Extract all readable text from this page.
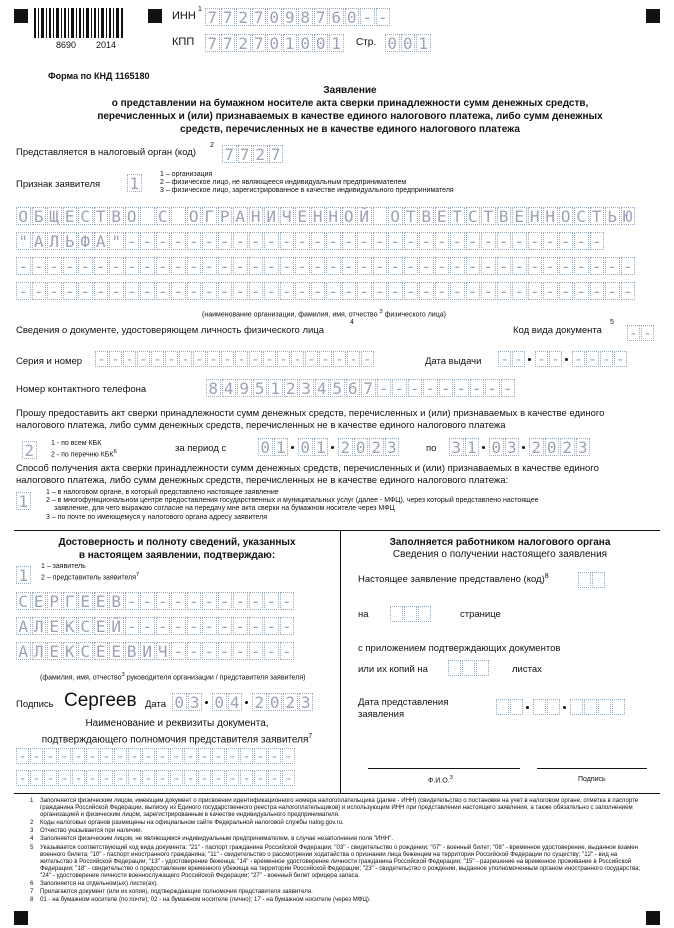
8690 2014
ИНН
1 7 7 2 7 0 9 8 7 6 0 - -
КПП 7 7 2 7 0 1 0 0 1 Стр. 0 0 1
Форма по КНД 1165180
Заявление
о представлении на бумажном носителе акта сверки принадлежности сумм денежных средств,
перечисленных и (или) признаваемых в качестве единого налогового платежа, либо сумм денежных
средств, перечисленных не в качестве единого налогового платежа
Представляется в налоговый орган (код)
2 7 7 2 7
Признак заявителя 1	1 – организация
2 – физическое лицо, не являющееся индивидуальным предпринимателем
3 – физическое лицо, зарегистрированное в качестве индивидуального предпринимателя
О Б Щ Е С Т В О С О Г Р А Н И Ч Е Н Н О Й О Т В Е Т С Т В Е Н Н О С Т Ь Ю
" А Л Ь Ф А " - - - - - - - - - - - - - - - - - - - - - - - - - - - - - - -
- - - - - - - - - - - - - - - - - - - - - - - - - - - - - - - - - - - - - - - -
- - - - - - - - - - - - - - - - - - - - - - - - - - - - - - - - - - - - - - - -
(наименование организации, фамилия, имя, отчество $^3$ физического лица)
Сведения о документе, удостоверяющем личность физического лица
4
Код вида документа
5
- -
Серия и номер - - - - - - - - - - - - - - - - - - - -	Дата выдачи - - - - - - - -
Номер контактного телефона	8 4 9 5 1 2 3 4 5 6 7 - - - - - - - - -
Прошу предоставить акт сверки принадлежности сумм денежных средств, перечисленных и (или) признаваемых в качестве единого
налогового платежа, либо сумм денежных средств, перечисленных не в качестве единого налогового платежа
2	1 - по всем КБК
2 - по перечню КБК$^6$	за период с 0 1 0 1 2 0 2 3	по 3 1 0 3 2 0 2 3
Способ получения акта сверки принадлежности сумм денежных средств, перечисленных и (или) признаваемых в качестве единого
налогового платежа, либо сумм денежных средств, перечисленных не в качестве единого налогового платежа:
1	1 – в налоговом органе, в который представлено настоящее заявление
2 – в многофункциональном центре предоставления государственных и муниципальных услуг (далее - МФЦ), через который представлено настоящее
заявление, для чего выражаю согласие на передачу мне акта сверки на бумажном носителе через МФЦ
3 – по почте по имеющемуся у налогового органа адресу заявителя
Достоверность и полноту сведений, указанных
в настоящем заявлении, подтверждаю:
1	1 – заявитель
2 – представитель заявителя$^7$
С Е Р Г Е Е В - - - - - - - - - - -
А Л Е К С Е Й - - - - - - - - - - -
А Л Е К С Е Е В И Ч - - - - - - - -
(фамилия, имя, отчество$^3$ руководителя организации / представителя заявителя)
Подпись Сергеев Дата 0 3 0 4 2 0 2 3
Наименование и реквизиты документа,
подтверждающего полномочия представителя заявителя$^7$
- - - - - - - - - - - - - - - - - - - -
- - - - - - - - - - - - - - - - - - - -
Заполняется работником налогового органа
Сведения о получении настоящего заявления
Настоящее заявление представлено (код)$^8$
на	странице
с приложением подтверждающих документов
или их копий на	листах
Дата представления
заявления
Ф.И.О.$^3$	Подпись
1	Заполняется физическим лицом, имеющим документ о присвоении идентификационного номера налогоплательщика (далее - ИНН) (свидетельство о постановке на учет в налоговом органе, отметка в паспорте гражданина Российской Федерации, выписку из Единого государственного реестра налогоплательщиков) и использующим ИНН при представлении настоящего заявления, а также обязательно с заполнением организацией и физическим лицом, зарегистрированным в качестве индивидуального предпринимателя.
2	Коды налоговых органов размещены на официальном сайте Федеральной налоговой службы nalog.gov.ru.
3	Отчество указывается при наличии.
4	Заполняется физическим лицом, не являющимся индивидуальным предпринимателем, в случае незаполнения поля "ИНН".
5	Указывается соответствующий код вида документа: "21" - паспорт гражданина Российской Федерации; "03" - свидетельство о рождении; "07" - военный билет; "08" - временное удостоверение, выданное взамен военного билета; "10" - паспорт иностранного гражданина; "11" - свидетельство о рассмотрении ходатайства о признании лица беженцем на территории Российской Федерации по существу; "12" - вид на жительство в Российской Федерации; "13" - удостоверение беженца; "14" - временное удостоверение личности гражданина Российской Федерации; "15" - разрешение на временное проживание в Российской Федерации; "18" - свидетельство о предоставлении временного убежища на территории Российской Федерации; "23" - свидетельство о рождении, выданное уполномоченным органом иностранного государства; "24" - удостоверение личности военнослужащего Российской Федерации; "27" - военный билет офицера запаса.
6	Заполняется на отдельном(ых) листе(ах).
7	Прилагаются документ (или их копия), подтверждающие полномочия представителя заявителя.
8	01 - на бумажном носителе (по почте); 02 - на бумажном носителе (лично); 17 - на бумажном носителе (через МФЦ).
